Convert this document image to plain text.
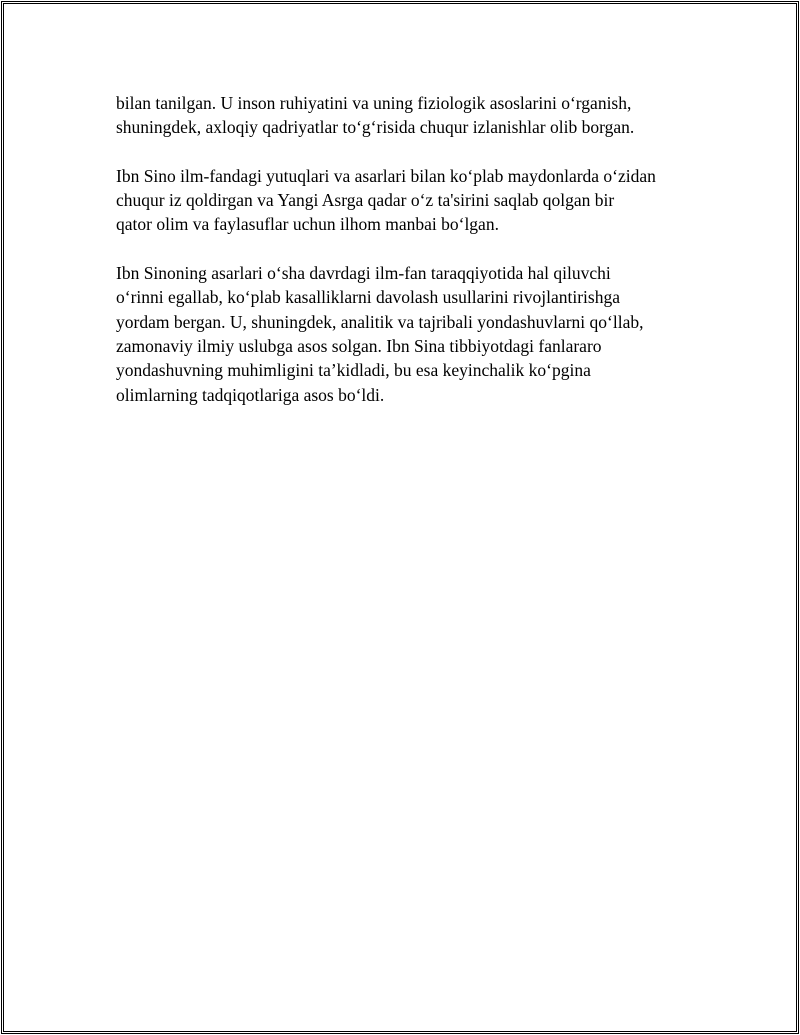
bilan tanilgan. U inson ruhiyatini va uning fiziologik asoslarini o‘rganish,
shuningdek, axloqiy qadriyatlar to‘g‘risida chuqur izlanishlar olib borgan.

Ibn Sino ilm-fandagi yutuqlari va asarlari bilan ko‘plab maydonlarda o‘zidan
chuqur iz qoldirgan va Yangi Asrga qadar o‘z ta'sirini saqlab qolgan bir
qator olim va faylasuflar uchun ilhom manbai bo‘lgan.

Ibn Sinoning asarlari o‘sha davrdagi ilm-fan taraqqiyotida hal qiluvchi
o‘rinni egallab, ko‘plab kasalliklarni davolash usullarini rivojlantirishga
yordam bergan. U, shuningdek, analitik va tajribali yondashuvlarni qo‘llab,
zamonaviy ilmiy uslubga asos solgan. Ibn Sina tibbiyotdagi fanlararo
yondashuvning muhimligini ta’kidladi, bu esa keyinchalik ko‘pgina
olimlarning tadqiqotlariga asos bo‘ldi.
